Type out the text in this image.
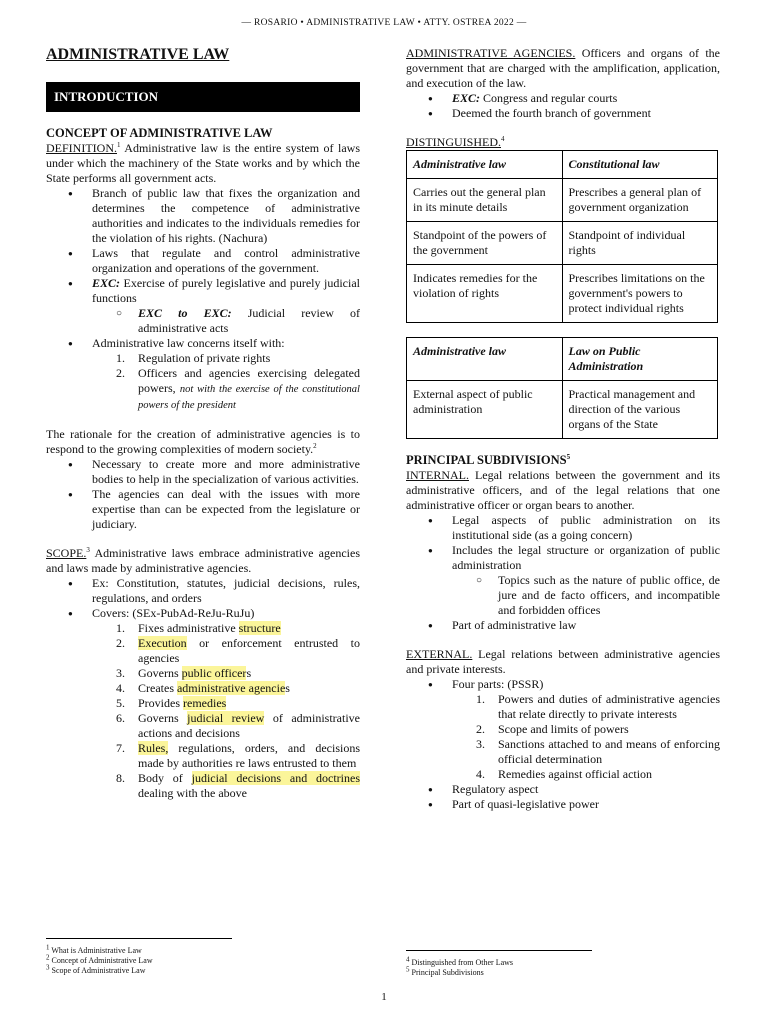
— ROSARIO • ADMINISTRATIVE LAW • ATTY. OSTREA 2022 —
ADMINISTRATIVE LAW
INTRODUCTION
CONCEPT OF ADMINISTRATIVE LAW

DEFINITION.$^1$ Administrative law is the entire system of laws under which the machinery of the State works and by which the State performs all government acts.

● Branch of public law that fixes the organization and determines the competence of administrative authorities and indicates to the individuals remedies for the violation of his rights. (Nachura)
● Laws that regulate and control administrative organization and operations of the government.
● EXC: Exercise of purely legislative and purely judicial functions
○ EXC to EXC: Judicial review of administrative acts
● Administrative law concerns itself with:
1. Regulation of private rights
2. Officers and agencies exercising delegated powers, not with the exercise of the constitutional powers of the president

The rationale for the creation of administrative agencies is to respond to the growing complexities of modern society.$^2$

● Necessary to create more and more administrative bodies to help in the specialization of various activities.
● The agencies can deal with the issues with more expertise than can be expected from the legislature or judiciary.

SCOPE.$^3$ Administrative laws embrace administrative agencies and laws made by administrative agencies.

● Ex: Constitution, statutes, judicial decisions, rules, regulations, and orders
● Covers: (SEx-PubAd-ReJu-RuJu)
1. Fixes administrative structure
2. Execution or enforcement entrusted to agencies
3. Governs public officers
4. Creates administrative agencies
5. Provides remedies
6. Governs judicial review of administrative actions and decisions
7. Rules, regulations, orders, and decisions made by authorities re laws entrusted to them
8. Body of judicial decisions and doctrines dealing with the above

ADMINISTRATIVE AGENCIES. Officers and organs of the government that are charged with the amplification, application, and execution of the law.

● EXC: Congress and regular courts
● Deemed the fourth branch of government

DISTINGUISHED.$^4$

Administrative law	Constitutional law
Carries out the general plan in its minute details	Prescribes a general plan of government organization
Standpoint of the powers of the government	Standpoint of individual rights
Indicates remedies for the violation of rights	Prescribes limitations on the government's powers to protect individual rights
Administrative law	Law on Public Administration
External aspect of public administration	Practical management and direction of the various organs of the State

PRINCIPAL SUBDIVISIONS$^5$

INTERNAL. Legal relations between the government and its administrative officers, and of the legal relations that one administrative officer or organ bears to another.

● Legal aspects of public administration on its institutional side (as a going concern)
● Includes the legal structure or organization of public administration
○ Topics such as the nature of public office, de jure and de facto officers, and incompatible and forbidden offices
● Part of administrative law

EXTERNAL. Legal relations between administrative agencies and private interests.

● Four parts: (PSSR)
1. Powers and duties of administrative agencies that relate directly to private interests
2. Scope and limits of powers
3. Sanctions attached to and means of enforcing official determination
4. Remedies against official action
● Regulatory aspect
● Part of quasi-legislative power
$^1$ What is Administrative Law
$^2$ Concept of Administrative Law
$^3$ Scope of Administrative Law
$^4$ Distinguished from Other Laws
$^5$ Principal Subdivisions
1
